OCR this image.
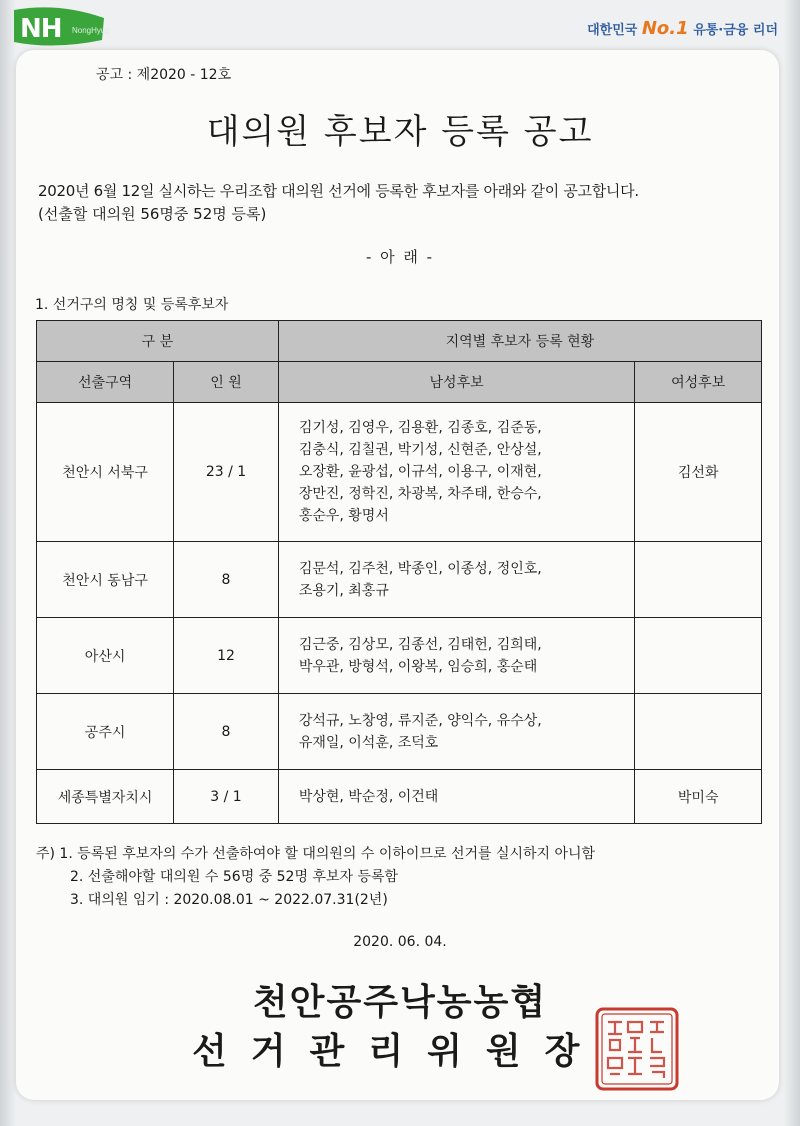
NH NongHyup	대한민국 No.1 유통·금융 리더
공고 : 제2020 - 12호
대의원 후보자 등록 공고
2020년 6월 12일 실시하는 우리조합 대의원 선거에 등록한 후보자를 아래와 같이 공고합니다.
(선출할 대의원 56명중 52명 등록)
- 아 래 -
1. 선거구의 명칭 및 등록후보자
구 분		지역별 후보자 등록 현황	
선출구역	인 원	남성후보	여성후보
천안시 서북구	23 / 1	김기성, 김영우, 김용환, 김종호, 김준동,
김충식, 김칠권, 박기성, 신현준, 안상설,
오장환, 윤광섭, 이규석, 이용구, 이재현,
장만진, 정학진, 차광복, 차주태, 한승수,
홍순우, 황명서	김선화
천안시 동남구	8	김문석, 김주천, 박종인, 이종성, 정인호,
조용기, 최홍규	

아산시	12	김근중, 김상모, 김종선, 김태헌, 김희태,
박우관, 방형석, 이왕복, 임승희, 홍순태	

공주시	8	강석규, 노창영, 류지준, 양익수, 유수상,
유재일, 이석훈, 조덕호	

세종특별자치시	3 / 1	박상현, 박순정, 이건태	박미숙
주) 1. 등록된 후보자의 수가 선출하여야 할 대의원의 수 이하이므로 선거를 실시하지 아니함
2. 선출해야할 대의원 수 56명 중 52명 후보자 등록함
3. 대의원 임기 : 2020.08.01 ~ 2022.07.31(2년)
2020. 06. 04.
천안공주낙농농협
선거관리위원장
